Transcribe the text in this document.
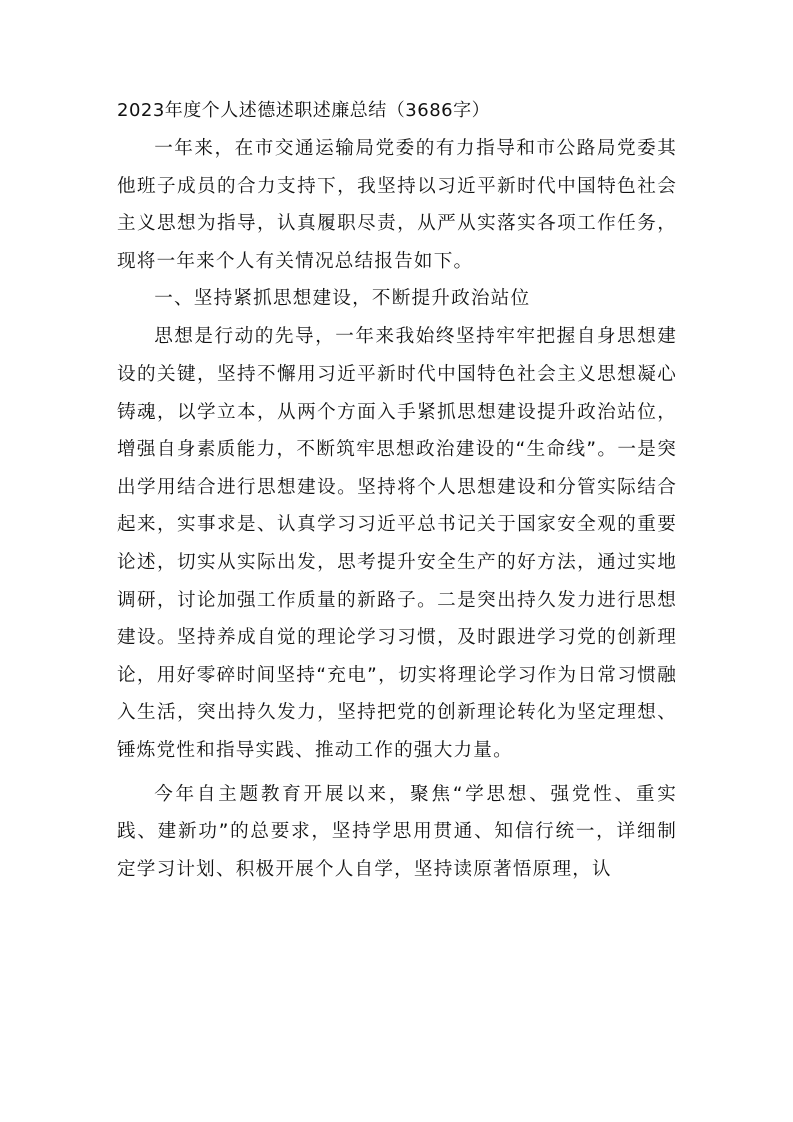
2023年度个人述德述职述廉总结（3686字）

一年来，在市交通运输局党委的有力指导和市公路局党委其他班子成员的合力支持下，我坚持以习近平新时代中国特色社会主义思想为指导，认真履职尽责，从严从实落实各项工作任务，现将一年来个人有关情况总结报告如下。

一、坚持紧抓思想建设，不断提升政治站位

思想是行动的先导，一年来我始终坚持牢牢把握自身思想建设的关键，坚持不懈用习近平新时代中国特色社会主义思想凝心铸魂，以学立本，从两个方面入手紧抓思想建设提升政治站位，增强自身素质能力，不断筑牢思想政治建设的“生命线”。一是突出学用结合进行思想建设。坚持将个人思想建设和分管实际结合起来，实事求是、认真学习习近平总书记关于国家安全观的重要论述，切实从实际出发，思考提升安全生产的好方法，通过实地调研，讨论加强工作质量的新路子。二是突出持久发力进行思想建设。坚持养成自觉的理论学习习惯，及时跟进学习党的创新理论，用好零碎时间坚持“充电”，切实将理论学习作为日常习惯融入生活，突出持久发力，坚持把党的创新理论转化为坚定理想、锤炼党性和指导实践、推动工作的强大力量。

今年自主题教育开展以来，聚焦“学思想、强党性、重实践、建新功”的总要求，坚持学思用贯通、知信行统一，详细制定学习计划、积极开展个人自学，坚持读原著悟原理，认
